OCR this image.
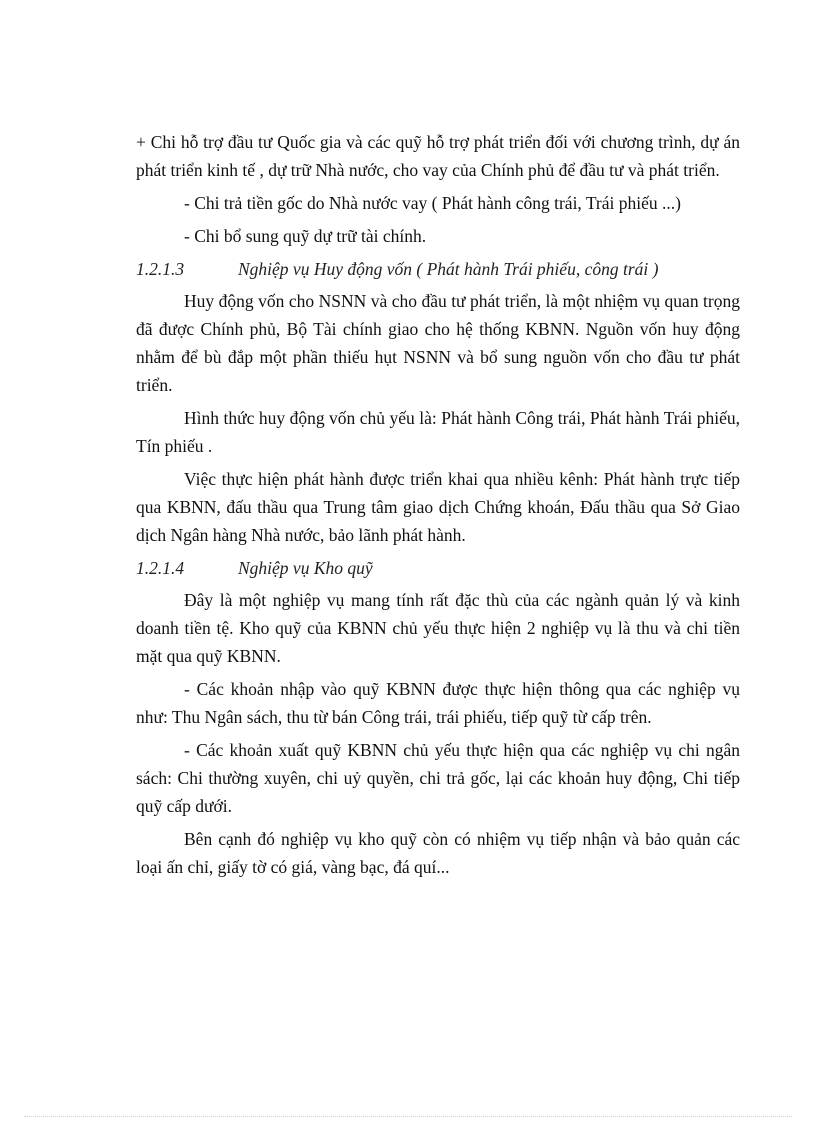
+ Chi hỗ trợ đầu tư Quốc gia và các quỹ hỗ trợ phát triển đối với chương trình, dự án phát triển kinh tế , dự trữ Nhà nước, cho vay của Chính phủ để đầu tư và phát triển.

- Chi trả tiền gốc do Nhà nước vay ( Phát hành công trái, Trái phiếu ...)

- Chi bổ sung quỹ dự trữ tài chính.

1.2.1.3	Nghiệp vụ Huy động vốn ( Phát hành Trái phiếu, công trái )

Huy động vốn cho NSNN và cho đầu tư phát triển, là một nhiệm vụ quan trọng đã được Chính phủ, Bộ Tài chính giao cho hệ thống KBNN. Nguồn vốn huy động nhằm để bù đắp một phần thiếu hụt NSNN và bổ sung nguồn vốn cho đầu tư phát triển.

Hình thức huy động vốn chủ yếu là: Phát hành Công trái, Phát hành Trái phiếu, Tín phiếu .

Việc thực hiện phát hành được triển khai qua nhiều kênh: Phát hành trực tiếp qua KBNN, đấu thầu qua Trung tâm giao dịch Chứng khoán, Đấu thầu qua Sở Giao dịch Ngân hàng Nhà nước, bảo lãnh phát hành.

1.2.1.4	Nghiệp vụ Kho quỹ

Đây là một nghiệp vụ mang tính rất đặc thù của các ngành quản lý và kinh doanh tiền tệ. Kho quỹ của KBNN chủ yếu thực hiện 2 nghiệp vụ là thu và chi tiền mặt qua quỹ KBNN.

- Các khoản nhập vào quỹ KBNN được thực hiện thông qua các nghiệp vụ như: Thu Ngân sách, thu từ bán Công trái, trái phiếu, tiếp quỹ từ cấp trên.

- Các khoản xuất quỹ KBNN chủ yếu thực hiện qua các nghiệp vụ chi ngân sách: Chi thường xuyên, chi uỷ quyền, chi trả gốc, lại các khoản huy động, Chi tiếp quỹ cấp dưới.

Bên cạnh đó nghiệp vụ kho quỹ còn có nhiệm vụ tiếp nhận và bảo quản các loại ấn chỉ, giấy tờ có giá, vàng bạc, đá quí...
